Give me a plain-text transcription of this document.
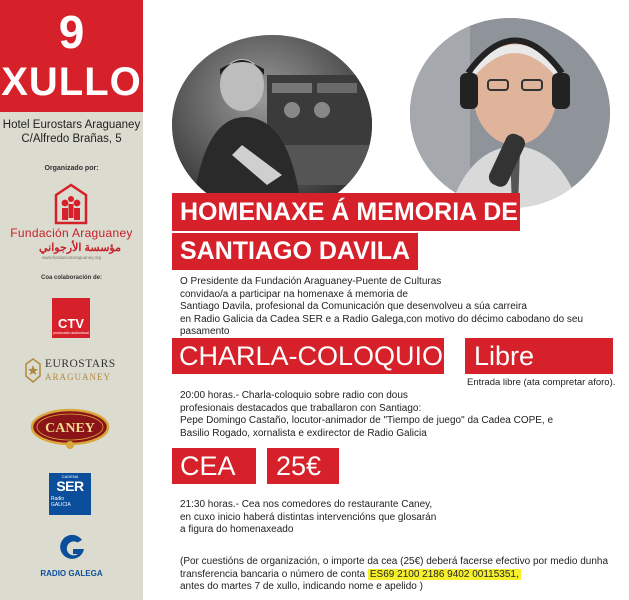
9
XULLO
Hotel Eurostars Araguaney
C/Alfredo Brañas, 5
Organizado por:
Fundación Araguaney
مؤسسة الأرجواني
www.fundacionaraguaney.org
Coa colaboración de:
CTV
producción audiovisual
EUROSTARS
ARAGUANEY
CANEY
CADENA
SER
Radio
GALICIA
RADIO GALEGA
HOMENAXE Á MEMORIA DE
SANTIAGO DAVILA
O Presidente da Fundación Araguaney-Puente de Culturas
convidao/a a participar na homenaxe á memoria de
Santiago Davila, profesional da Comunicación que desenvolveu a súa carreira
en Radio Galicia da Cadea SER e a Radio Galega,con motivo do décimo cabodano do seu pasamento
CHARLA-COLOQUIO	Libre
Entrada libre (ata compretar aforo).
20:00 horas.- Charla-coloquio sobre radio con dous
profesionais destacados que traballaron con Santiago:
Pepe Domingo Castaño, locutor-animador de "Tiempo de juego" da Cadea COPE, e
Basilio Rogado, xornalista e exdirector de Radio Galicia
CEA	25€
21:30 horas.- Cea nos comedores do restaurante Caney,
en cuxo inicio haberá distintas intervencións que glosarán
a figura do homenaxeado
(Por cuestións de organización, o importe da cea (25€) deberá facerse efectivo por medio dunha
transferencia bancaria o número de conta ES69 2100 2186 9402 00115351,
antes do martes 7 de xullo, indicando nome e apelido )
